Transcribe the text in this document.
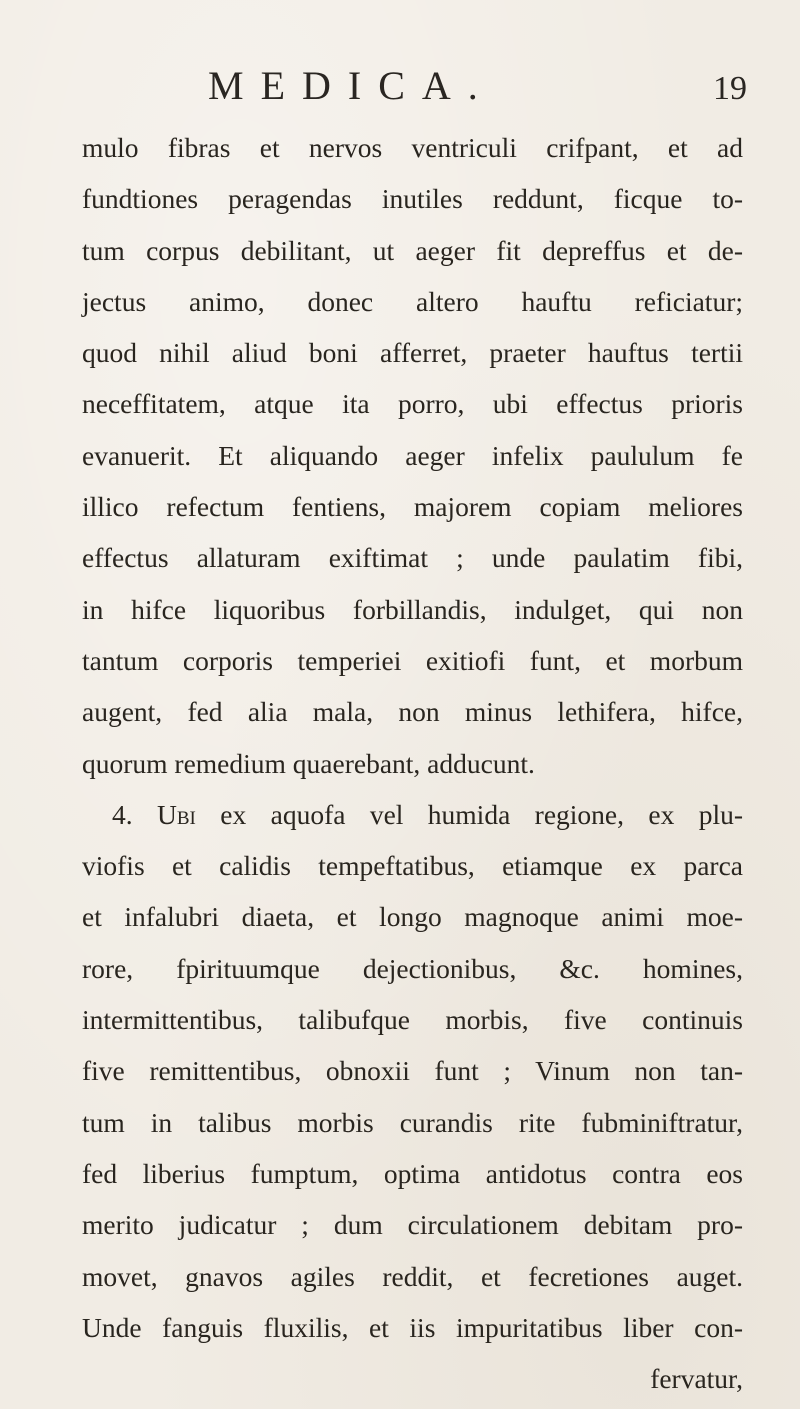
MEDICA.	19
mulo fibras et nervos ventriculi crifpant, et ad
fundtiones peragendas inutiles reddunt, ficque to-
tum corpus debilitant, ut aeger fit depreffus et de-
jectus animo, donec altero hauftu reficiatur;
quod nihil aliud boni afferret, praeter hauftus tertii
neceffitatem, atque ita porro, ubi effectus prioris
evanuerit. Et aliquando aeger infelix paululum fe
illico refectum fentiens, majorem copiam meliores
effectus allaturam exiftimat ; unde paulatim fibi,
in hifce liquoribus forbillandis, indulget, qui non
tantum corporis temperiei exitiofi funt, et morbum
augent, fed alia mala, non minus lethifera, hifce,
quorum remedium quaerebant, adducunt.
4. Ubi ex aquofa vel humida regione, ex plu-
viofis et calidis tempeftatibus, etiamque ex parca
et infalubri diaeta, et longo magnoque animi moe-
rore, fpirituumque dejectionibus, &c. homines,
intermittentibus, talibufque morbis, five continuis
five remittentibus, obnoxii funt ; Vinum non tan-
tum in talibus morbis curandis rite fubminiftratur,
fed liberius fumptum, optima antidotus contra eos
merito judicatur ; dum circulationem debitam pro-
movet, gnavos agiles reddit, et fecretiones auget.
Unde fanguis fluxilis, et iis impuritatibus liber con-
fervatur,
